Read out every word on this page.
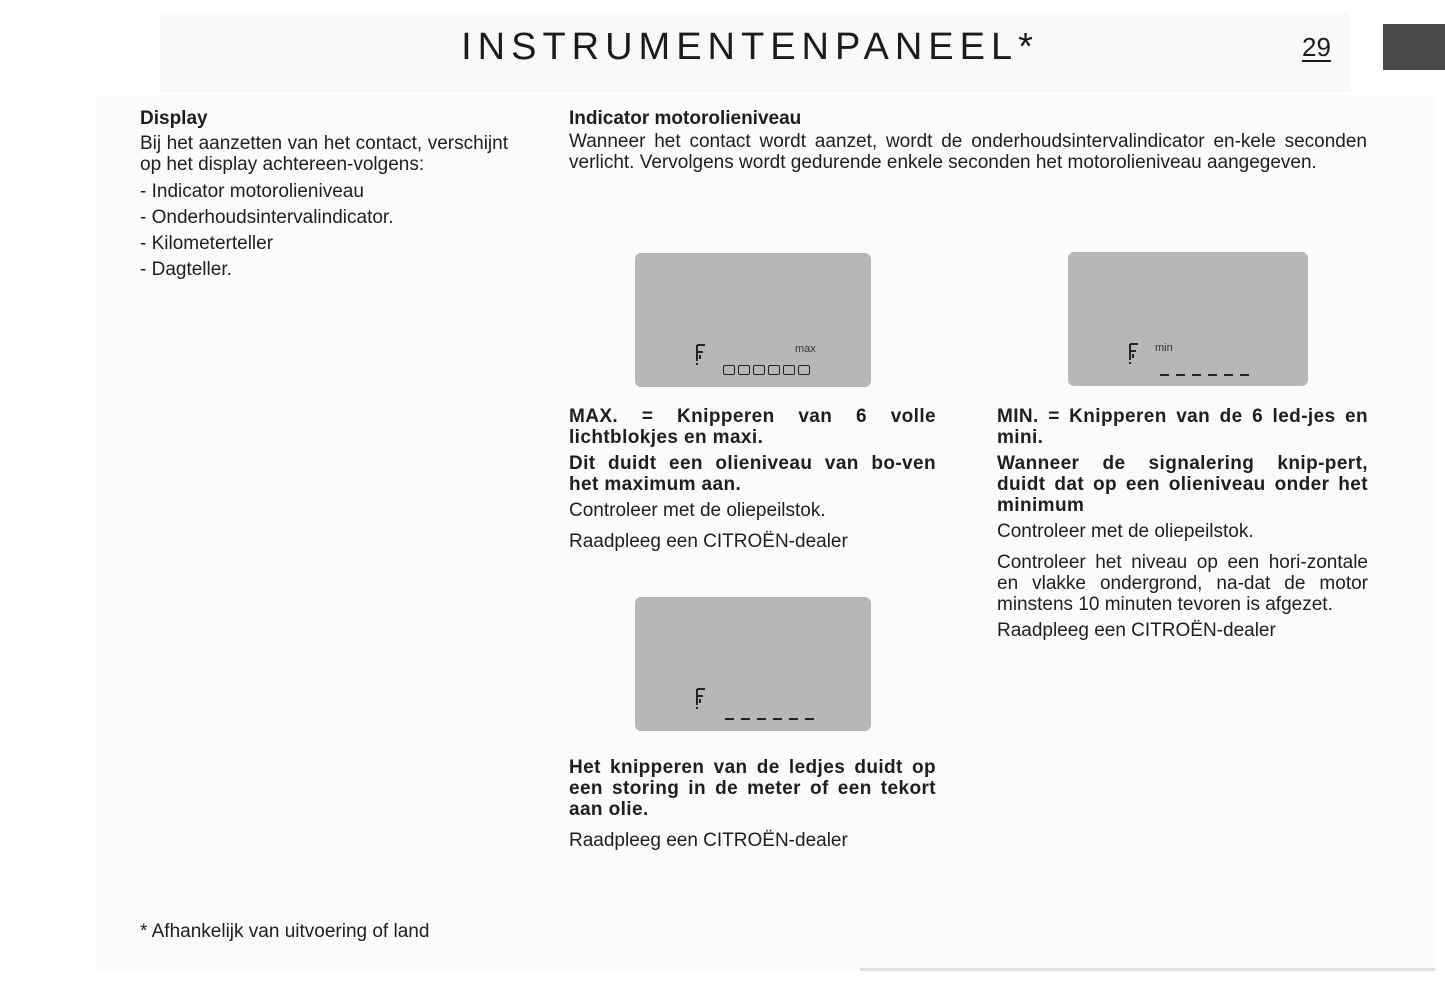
INSTRUMENTENPANEEL*	29

Display

Bij het aanzetten van het contact, verschijnt op het display achtereen-volgens:

- Indicator motorolieniveau
- Onderhoudsintervalindicator.
- Kilometerteller
- Dagteller.

Indicator motorolieniveau

Wanneer het contact wordt aanzet, wordt de onderhoudsintervalindicator en-kele seconden verlicht. Vervolgens wordt gedurende enkele seconden het motorolieniveau aangegeven.

max	min

MAX. = Knipperen van 6 volle lichtblokjes en maxi.

Dit duidt een olieniveau van bo-ven het maximum aan.

Controleer met de oliepeilstok.

Raadpleeg een CITROËN-dealer

MIN. = Knipperen van de 6 led-jes en mini.

Wanneer de signalering knip-pert, duidt dat op een olieniveau onder het minimum

Controleer met de oliepeilstok.

Controleer het niveau op een hori-zontale en vlakke ondergrond, na-dat de motor minstens 10 minuten tevoren is afgezet.

Raadpleeg een CITROËN-dealer

Het knipperen van de ledjes duidt op een storing in de meter of een tekort aan olie.

Raadpleeg een CITROËN-dealer

* Afhankelijk van uitvoering of land
